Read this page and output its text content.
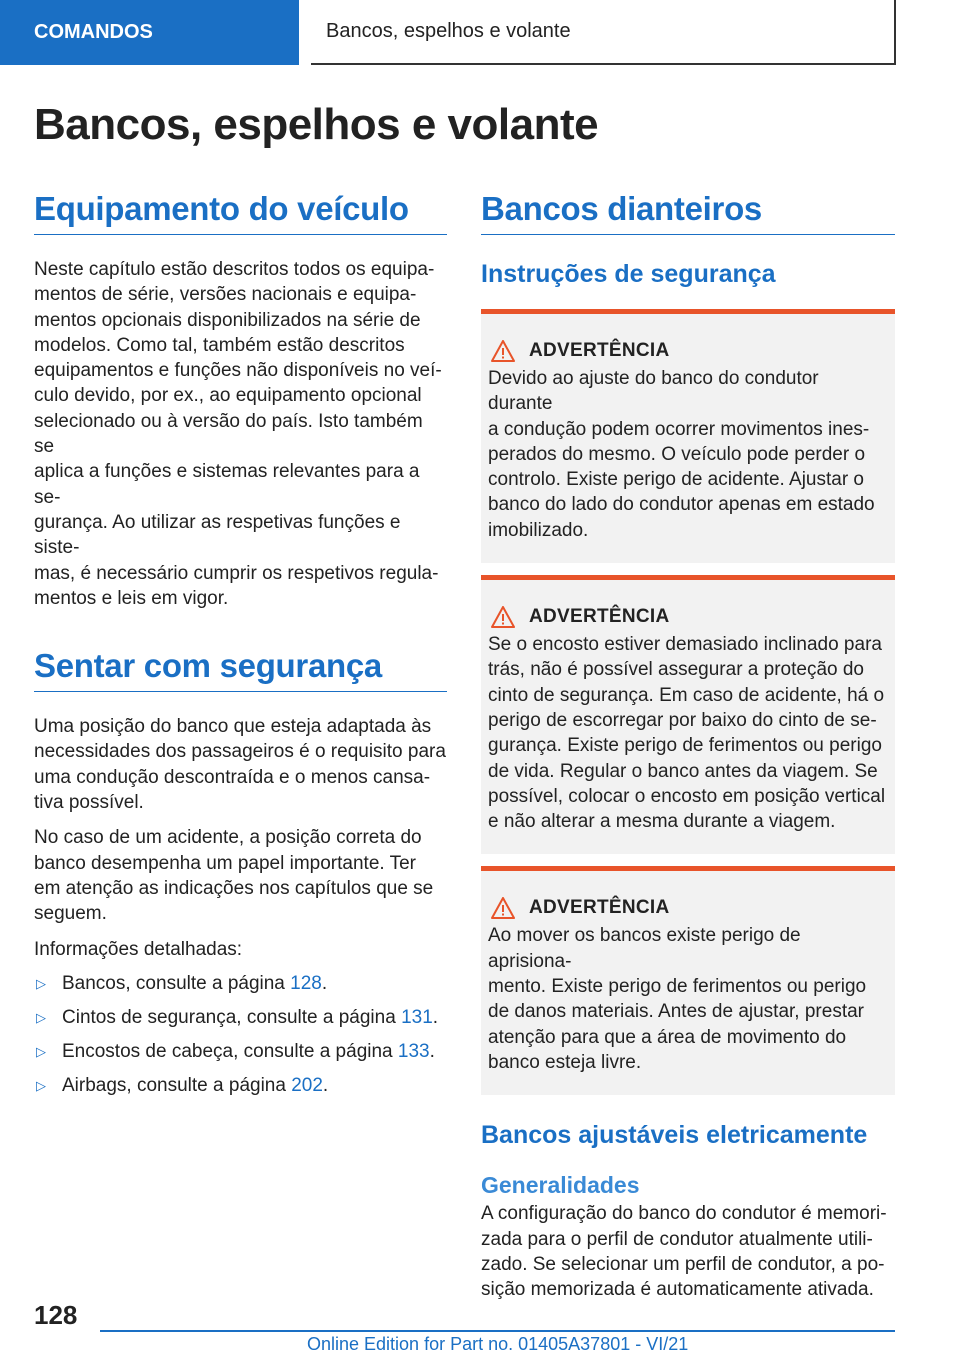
COMANDOS	Bancos, espelhos e volante
Bancos, espelhos e volante
Equipamento do veículo

Neste capítulo estão descritos todos os equipa-
mentos de série, versões nacionais e equipa-
mentos opcionais disponibilizados na série de
modelos. Como tal, também estão descritos
equipamentos e funções não disponíveis no veí-
culo devido, por ex., ao equipamento opcional
selecionado ou à versão do país. Isto também se
aplica a funções e sistemas relevantes para a se-
gurança. Ao utilizar as respetivas funções e siste-
mas, é necessário cumprir os respetivos regula-
mentos e leis em vigor.

Sentar com segurança

Uma posição do banco que esteja adaptada às
necessidades dos passageiros é o requisito para
uma condução descontraída e o menos cansa-
tiva possível.

No caso de um acidente, a posição correta do
banco desempenha um papel importante. Ter
em atenção as indicações nos capítulos que se
seguem.

Informações detalhadas:

▷ Bancos, consulte a página 128.
▷ Cintos de segurança, consulte a página 131.
▷ Encostos de cabeça, consulte a página 133.
▷ Airbags, consulte a página 202.
Bancos dianteiros
Instruções de segurança
ADVERTÊNCIA

Devido ao ajuste do banco do condutor durante
a condução podem ocorrer movimentos ines-
perados do mesmo. O veículo pode perder o
controlo. Existe perigo de acidente. Ajustar o
banco do lado do condutor apenas em estado
imobilizado.

ADVERTÊNCIA

Se o encosto estiver demasiado inclinado para
trás, não é possível assegurar a proteção do
cinto de segurança. Em caso de acidente, há o
perigo de escorregar por baixo do cinto de se-
gurança. Existe perigo de ferimentos ou perigo
de vida. Regular o banco antes da viagem. Se
possível, colocar o encosto em posição vertical
e não alterar a mesma durante a viagem.

ADVERTÊNCIA

Ao mover os bancos existe perigo de aprisiona-
mento. Existe perigo de ferimentos ou perigo
de danos materiais. Antes de ajustar, prestar
atenção para que a área de movimento do
banco esteja livre.

Bancos ajustáveis eletricamente
Generalidades

A configuração do banco do condutor é memori-
zada para o perfil de condutor atualmente utili-
zado. Se selecionar um perfil de condutor, a po-
sição memorizada é automaticamente ativada.

128
Online Edition for Part no. 01405A37801 - VI/21
